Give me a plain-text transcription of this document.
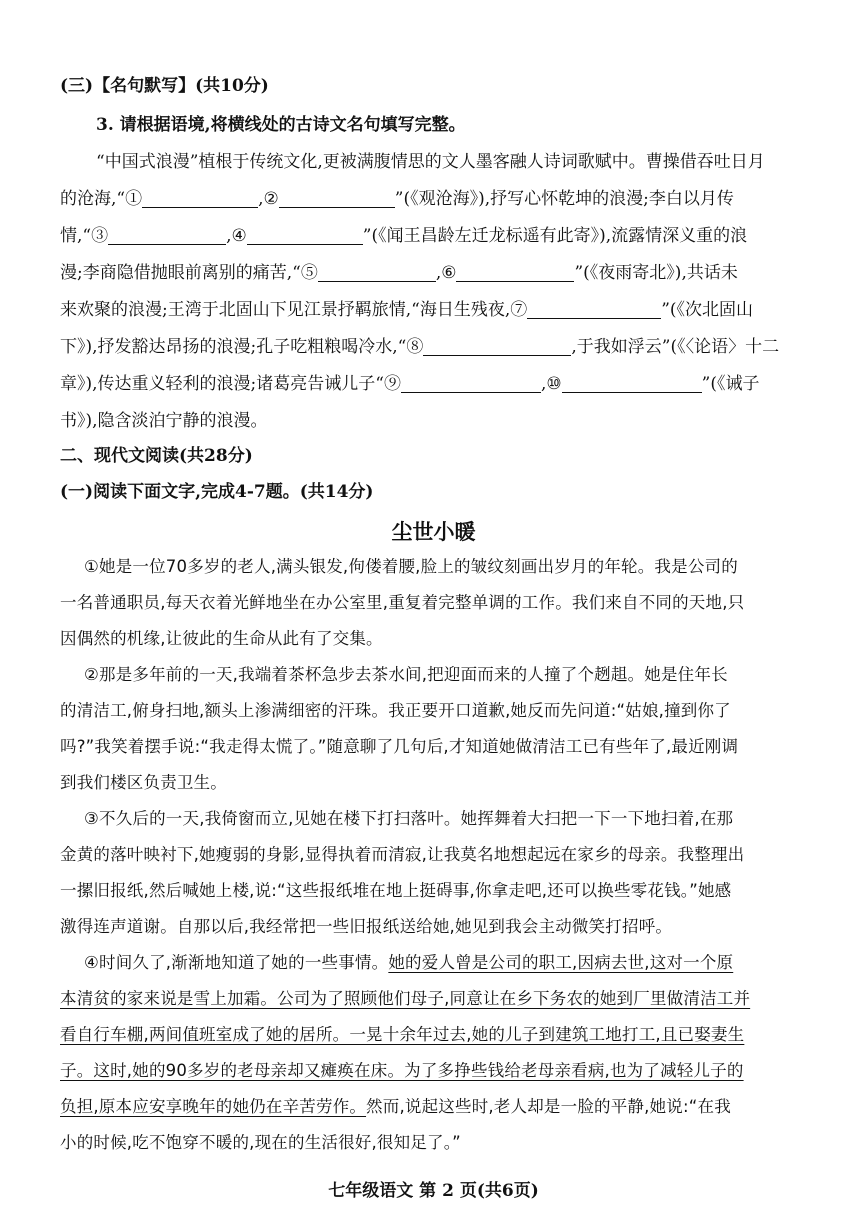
(三)【名句默写】(共10分)
3. 请根据语境,将横线处的古诗文名句填写完整。
“中国式浪漫”植根于传统文化,更被满腹情思的文人墨客融人诗词歌赋中。曹操借吞吐日月
的沧海,“①	,②	”(《观沧海》),抒写心怀乾坤的浪漫;李白以月传
情,“③	,④	”(《闻王昌龄左迁龙标遥有此寄》),流露情深义重的浪
漫;李商隐借抛眼前离别的痛苦,“⑤	,⑥	”(《夜雨寄北》),共话未
来欢聚的浪漫;王湾于北固山下见江景抒羁旅情,“海日生残夜,⑦	”(《次北固山
下》),抒发豁达昂扬的浪漫;孔子吃粗粮喝冷水,“⑧	,于我如浮云”(《〈论语〉十二
章》),传达重义轻利的浪漫;诸葛亮告诫儿子“⑨	,⑩	”(《诫子
书》),隐含淡泊宁静的浪漫。
二、现代文阅读(共28分)
(一)阅读下面文字,完成4-7题。(共14分)
尘世小暖
①她是一位70多岁的老人,满头银发,佝偻着腰,脸上的皱纹刻画出岁月的年轮。我是公司的
一名普通职员,每天衣着光鲜地坐在办公室里,重复着完整单调的工作。我们来自不同的天地,只
因偶然的机缘,让彼此的生命从此有了交集。
②那是多年前的一天,我端着茶杯急步去茶水间,把迎面而来的人撞了个趔趄。她是住年长
的清洁工,俯身扫地,额头上渗满细密的汗珠。我正要开口道歉,她反而先问道:“姑娘,撞到你了
吗?”我笑着摆手说:“我走得太慌了。”随意聊了几句后,才知道她做清洁工已有些年了,最近刚调
到我们楼区负责卫生。
③不久后的一天,我倚窗而立,见她在楼下打扫落叶。她挥舞着大扫把一下一下地扫着,在那
金黄的落叶映衬下,她瘦弱的身影,显得执着而清寂,让我莫名地想起远在家乡的母亲。我整理出
一摞旧报纸,然后喊她上楼,说:“这些报纸堆在地上挺碍事,你拿走吧,还可以换些零花钱。”她感
激得连声道谢。自那以后,我经常把一些旧报纸送给她,她见到我会主动微笑打招呼。
④时间久了,渐渐地知道了她的一些事情。她的爱人曾是公司的职工,因病去世,这对一个原
本清贫的家来说是雪上加霜。公司为了照顾他们母子,同意让在乡下务农的她到厂里做清洁工并
看自行车棚,两间值班室成了她的居所。一晃十余年过去,她的儿子到建筑工地打工,且已娶妻生
子。这时,她的90多岁的老母亲却又瘫痪在床。为了多挣些钱给老母亲看病,也为了减轻儿子的
负担,原本应安享晚年的她仍在辛苦劳作。然而,说起这些时,老人却是一脸的平静,她说:“在我
小的时候,吃不饱穿不暖的,现在的生活很好,很知足了。”
七年级语文 第 2 页(共6页)
